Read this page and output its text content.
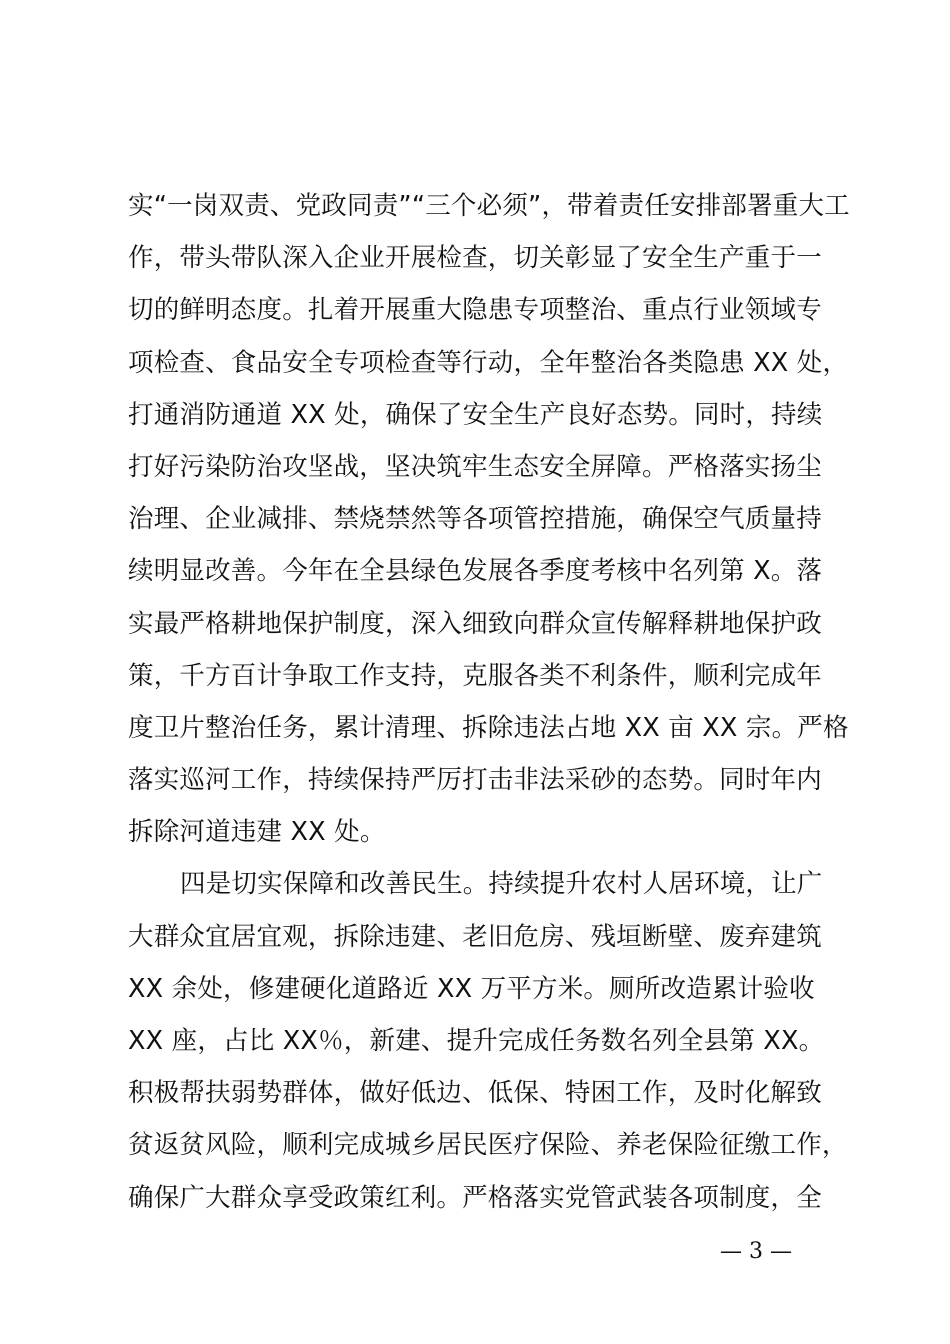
实“一岗双责、党政同责”“三个必须”，带着责任安排部署重大工
作，带头带队深入企业开展检查，切关彰显了安全生产重于一
切的鲜明态度。扎着开展重大隐患专项整治、重点行业领域专
项检查、食品安全专项检查等行动，全年整治各类隐患 XX 处，
打通消防通道 XX 处，确保了安全生产良好态势。同时，持续
打好污染防治攻坚战，坚决筑牢生态安全屏障。严格落实扬尘
治理、企业减排、禁烧禁然等各项管控措施，确保空气质量持
续明显改善。今年在全县绿色发展各季度考核中名列第 X。落
实最严格耕地保护制度，深入细致向群众宣传解释耕地保护政
策，千方百计争取工作支持，克服各类不利条件，顺利完成年
度卫片整治任务，累计清理、拆除违法占地 XX 亩 XX 宗。严格
落实巡河工作，持续保持严厉打击非法采砂的态势。同时年内
拆除河道违建 XX 处。
四是切实保障和改善民生。持续提升农村人居环境，让广
大群众宜居宜观，拆除违建、老旧危房、残垣断壁、废弃建筑
XX 余处，修建硬化道路近 XX 万平方米。厕所改造累计验收
XX 座，占比 XX％，新建、提升完成任务数名列全县第 XX。
积极帮扶弱势群体，做好低边、低保、特困工作，及时化解致
贫返贫风险，顺利完成城乡居民医疗保险、养老保险征缴工作，
确保广大群众享受政策红利。严格落实党管武装各项制度，全
— 3 —
